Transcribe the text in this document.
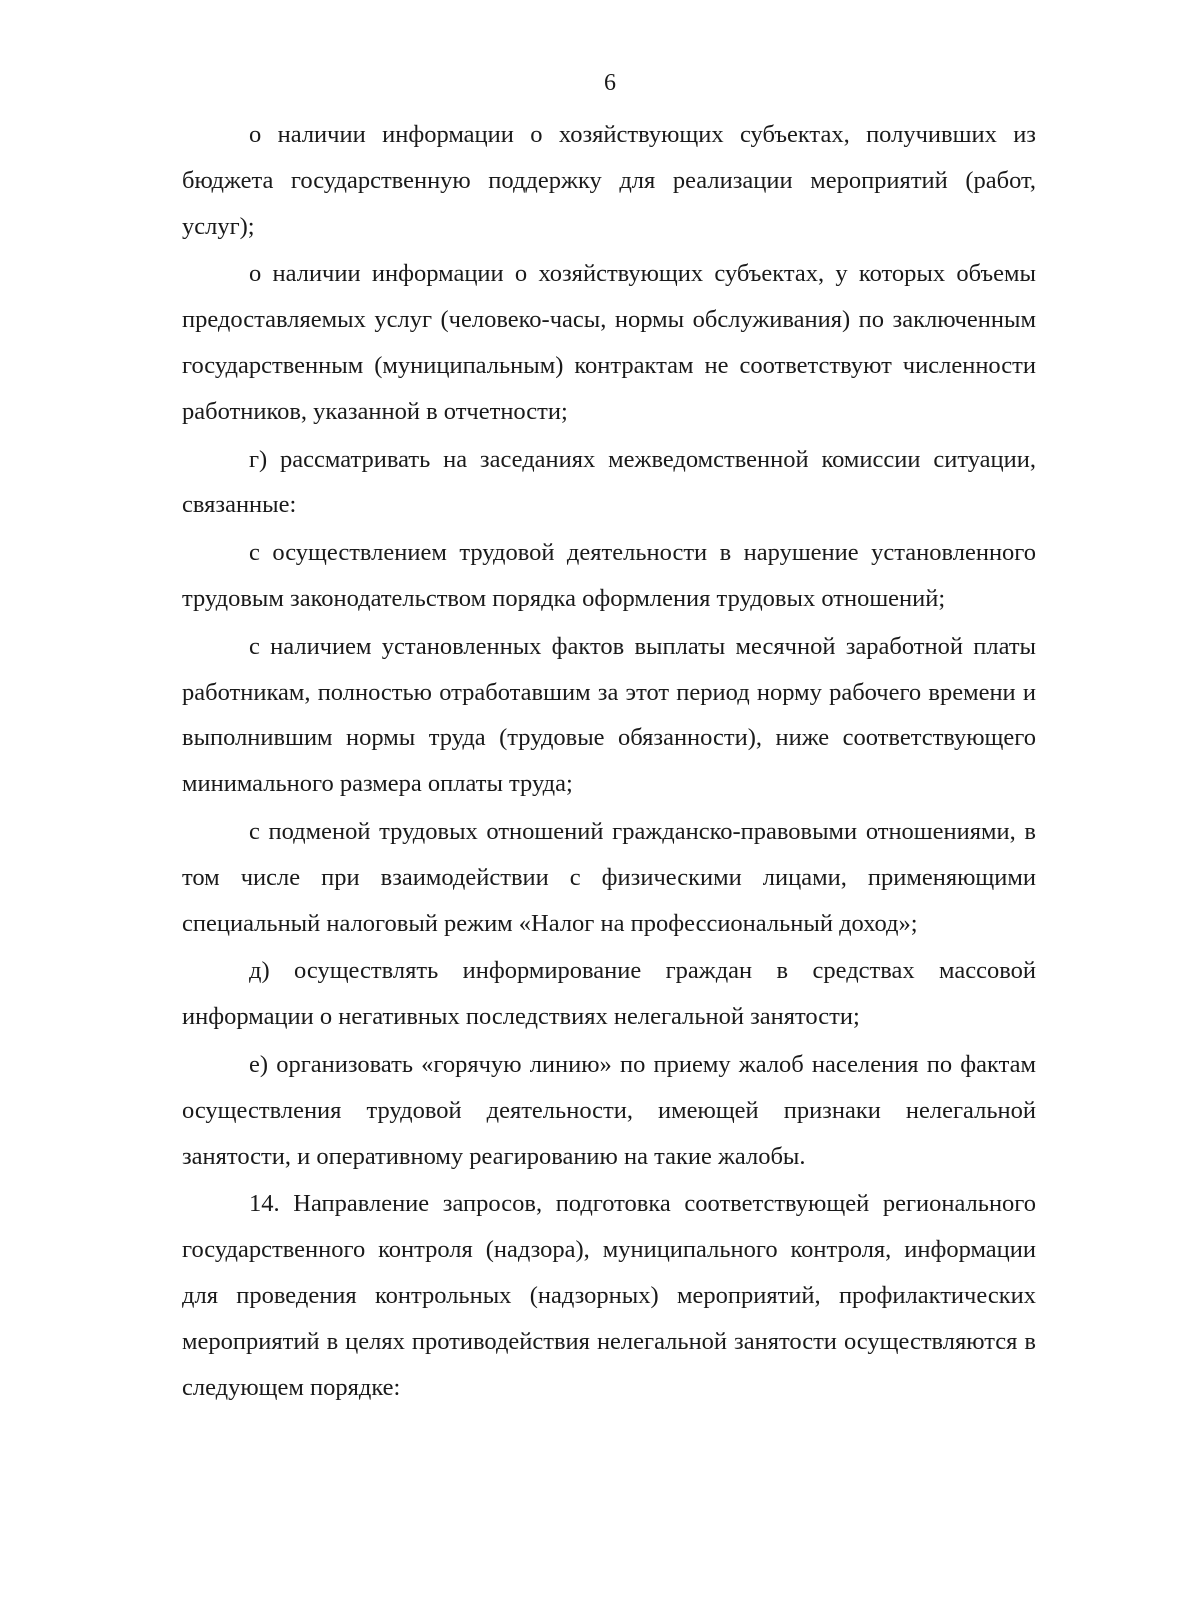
6

о наличии информации о хозяйствующих субъектах, получивших из бюджета государственную поддержку для реализации мероприятий (работ, услуг);

о наличии информации о хозяйствующих субъектах, у которых объемы предоставляемых услуг (человеко-часы, нормы обслуживания) по заключенным государственным (муниципальным) контрактам не соответствуют численности работников, указанной в отчетности;

г) рассматривать на заседаниях межведомственной комиссии ситуации, связанные:

с осуществлением трудовой деятельности в нарушение установленного трудовым законодательством порядка оформления трудовых отношений;

с наличием установленных фактов выплаты месячной заработной платы работникам, полностью отработавшим за этот период норму рабочего времени и выполнившим нормы труда (трудовые обязанности), ниже соответствующего минимального размера оплаты труда;

с подменой трудовых отношений гражданско-правовыми отношениями, в том числе при взаимодействии с физическими лицами, применяющими специальный налоговый режим «Налог на профессиональный доход»;

д) осуществлять информирование граждан в средствах массовой информации о негативных последствиях нелегальной занятости;

е) организовать «горячую линию» по приему жалоб населения по фактам осуществления трудовой деятельности, имеющей признаки нелегальной занятости, и оперативному реагированию на такие жалобы.

14. Направление запросов, подготовка соответствующей регионального государственного контроля (надзора), муниципального контроля, информации для проведения контрольных (надзорных) мероприятий, профилактических мероприятий в целях противодействия нелегальной занятости осуществляются в следующем порядке:
